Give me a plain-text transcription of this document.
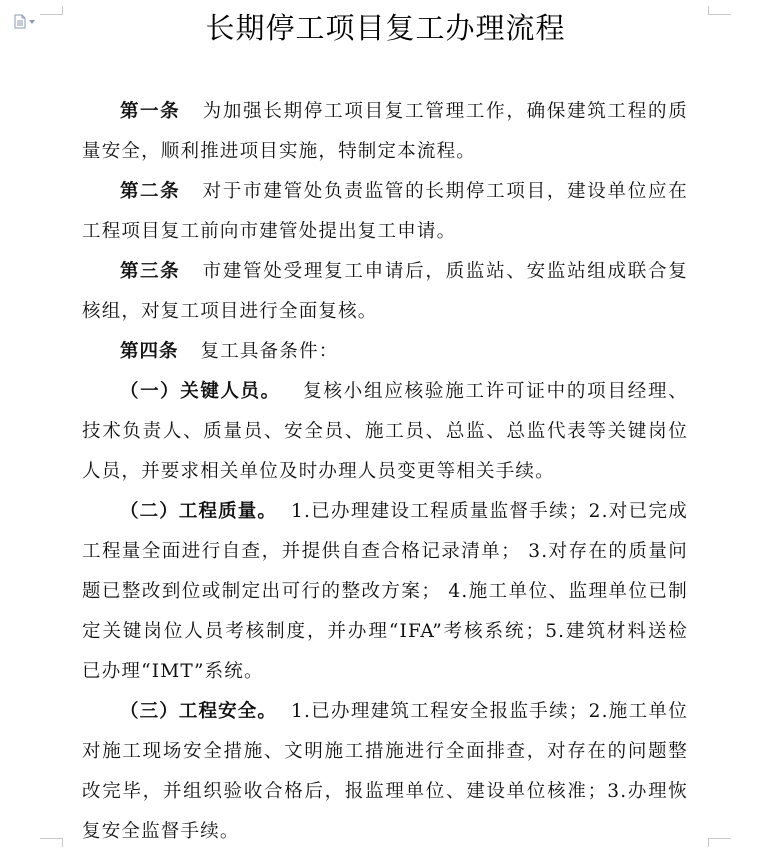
长期停工项目复工办理流程

第一条 为加强长期停工项目复工管理工作，确保建筑工程的质量安全，顺利推进项目实施，特制定本流程。

第二条 对于市建管处负责监管的长期停工项目，建设单位应在工程项目复工前向市建管处提出复工申请。

第三条 市建管处受理复工申请后，质监站、安监站组成联合复核组，对复工项目进行全面复核。

第四条 复工具备条件：

（一）关键人员。 复核小组应核验施工许可证中的项目经理、技术负责人、质量员、安全员、施工员、总监、总监代表等关键岗位人员，并要求相关单位及时办理人员变更等相关手续。

（二）工程质量。 1.已办理建设工程质量监督手续；2.对已完成工程量全面进行自查，并提供自查合格记录清单； 3.对存在的质量问题已整改到位或制定出可行的整改方案； 4.施工单位、监理单位已制定关键岗位人员考核制度，并办理“IFA”考核系统；5.建筑材料送检已办理“IMT”系统。

（三）工程安全。 1.已办理建筑工程安全报监手续；2.施工单位对施工现场安全措施、文明施工措施进行全面排查，对存在的问题整改完毕，并组织验收合格后，报监理单位、建设单位核准；3.办理恢复安全监督手续。
